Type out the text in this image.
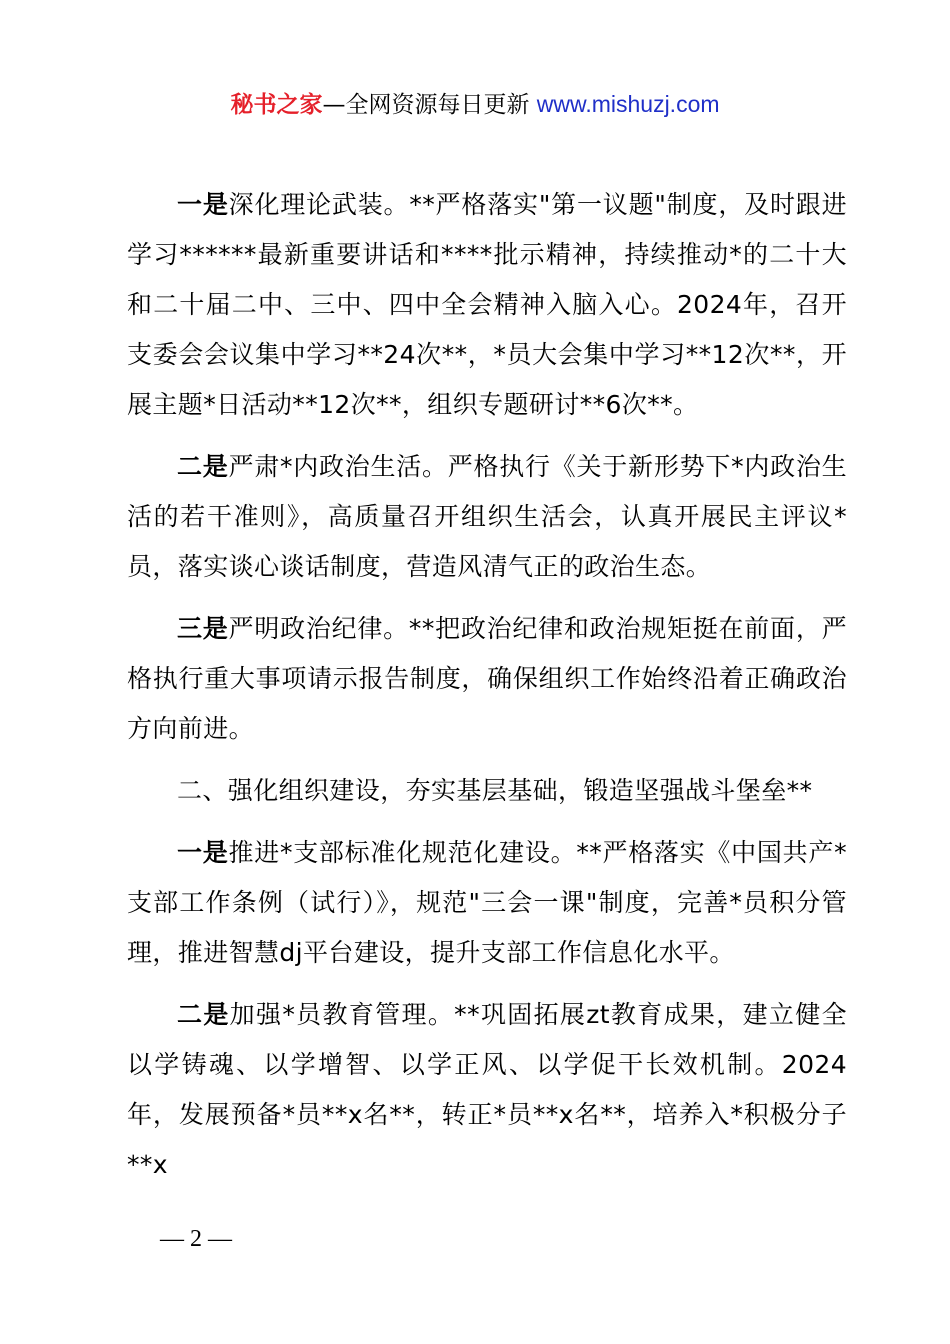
秘书之家—全网资源每日更新 www.mishuzj.com

一是深化理论武装。**严格落实"第一议题"制度，及时跟进学习******最新重要讲话和****批示精神，持续推动*的二十大和二十届二中、三中、四中全会精神入脑入心。2024年，召开支委会会议集中学习**24次**，*员大会集中学习**12次**，开展主题*日活动**12次**，组织专题研讨**6次**。

二是严肃*内政治生活。严格执行《关于新形势下*内政治生活的若干准则》，高质量召开组织生活会，认真开展民主评议*员，落实谈心谈话制度，营造风清气正的政治生态。

三是严明政治纪律。**把政治纪律和政治规矩挺在前面，严格执行重大事项请示报告制度，确保组织工作始终沿着正确政治方向前进。

二、强化组织建设，夯实基层基础，锻造坚强战斗堡垒**

一是推进*支部标准化规范化建设。**严格落实《中国共产*支部工作条例（试行）》，规范"三会一课"制度，完善*员积分管理，推进智慧dj平台建设，提升支部工作信息化水平。

二是加强*员教育管理。**巩固拓展zt教育成果，建立健全以学铸魂、以学增智、以学正风、以学促干长效机制。2024年，发展预备*员**x名**，转正*员**x名**，培养入*积极分子**x

— 2 —
